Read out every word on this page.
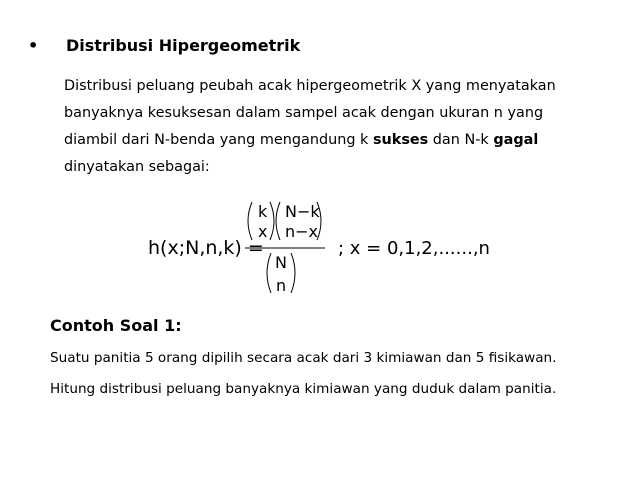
• Distribusi Hipergeometrik
Distribusi peluang peubah acak hipergeometrik X yang menyatakan
banyaknya kesuksesan dalam sampel acak dengan ukuran n yang
diambil dari N-benda yang mengandung k sukses dan N-k gagal
dinyatakan sebagai:
h(x;N,n,k) =
k
x
N−k
n−x
N
n
; x = 0,1,2,......,n
Contoh Soal 1:
Suatu panitia 5 orang dipilih secara acak dari 3 kimiawan dan 5 fisikawan.
Hitung distribusi peluang banyaknya kimiawan yang duduk dalam panitia.
